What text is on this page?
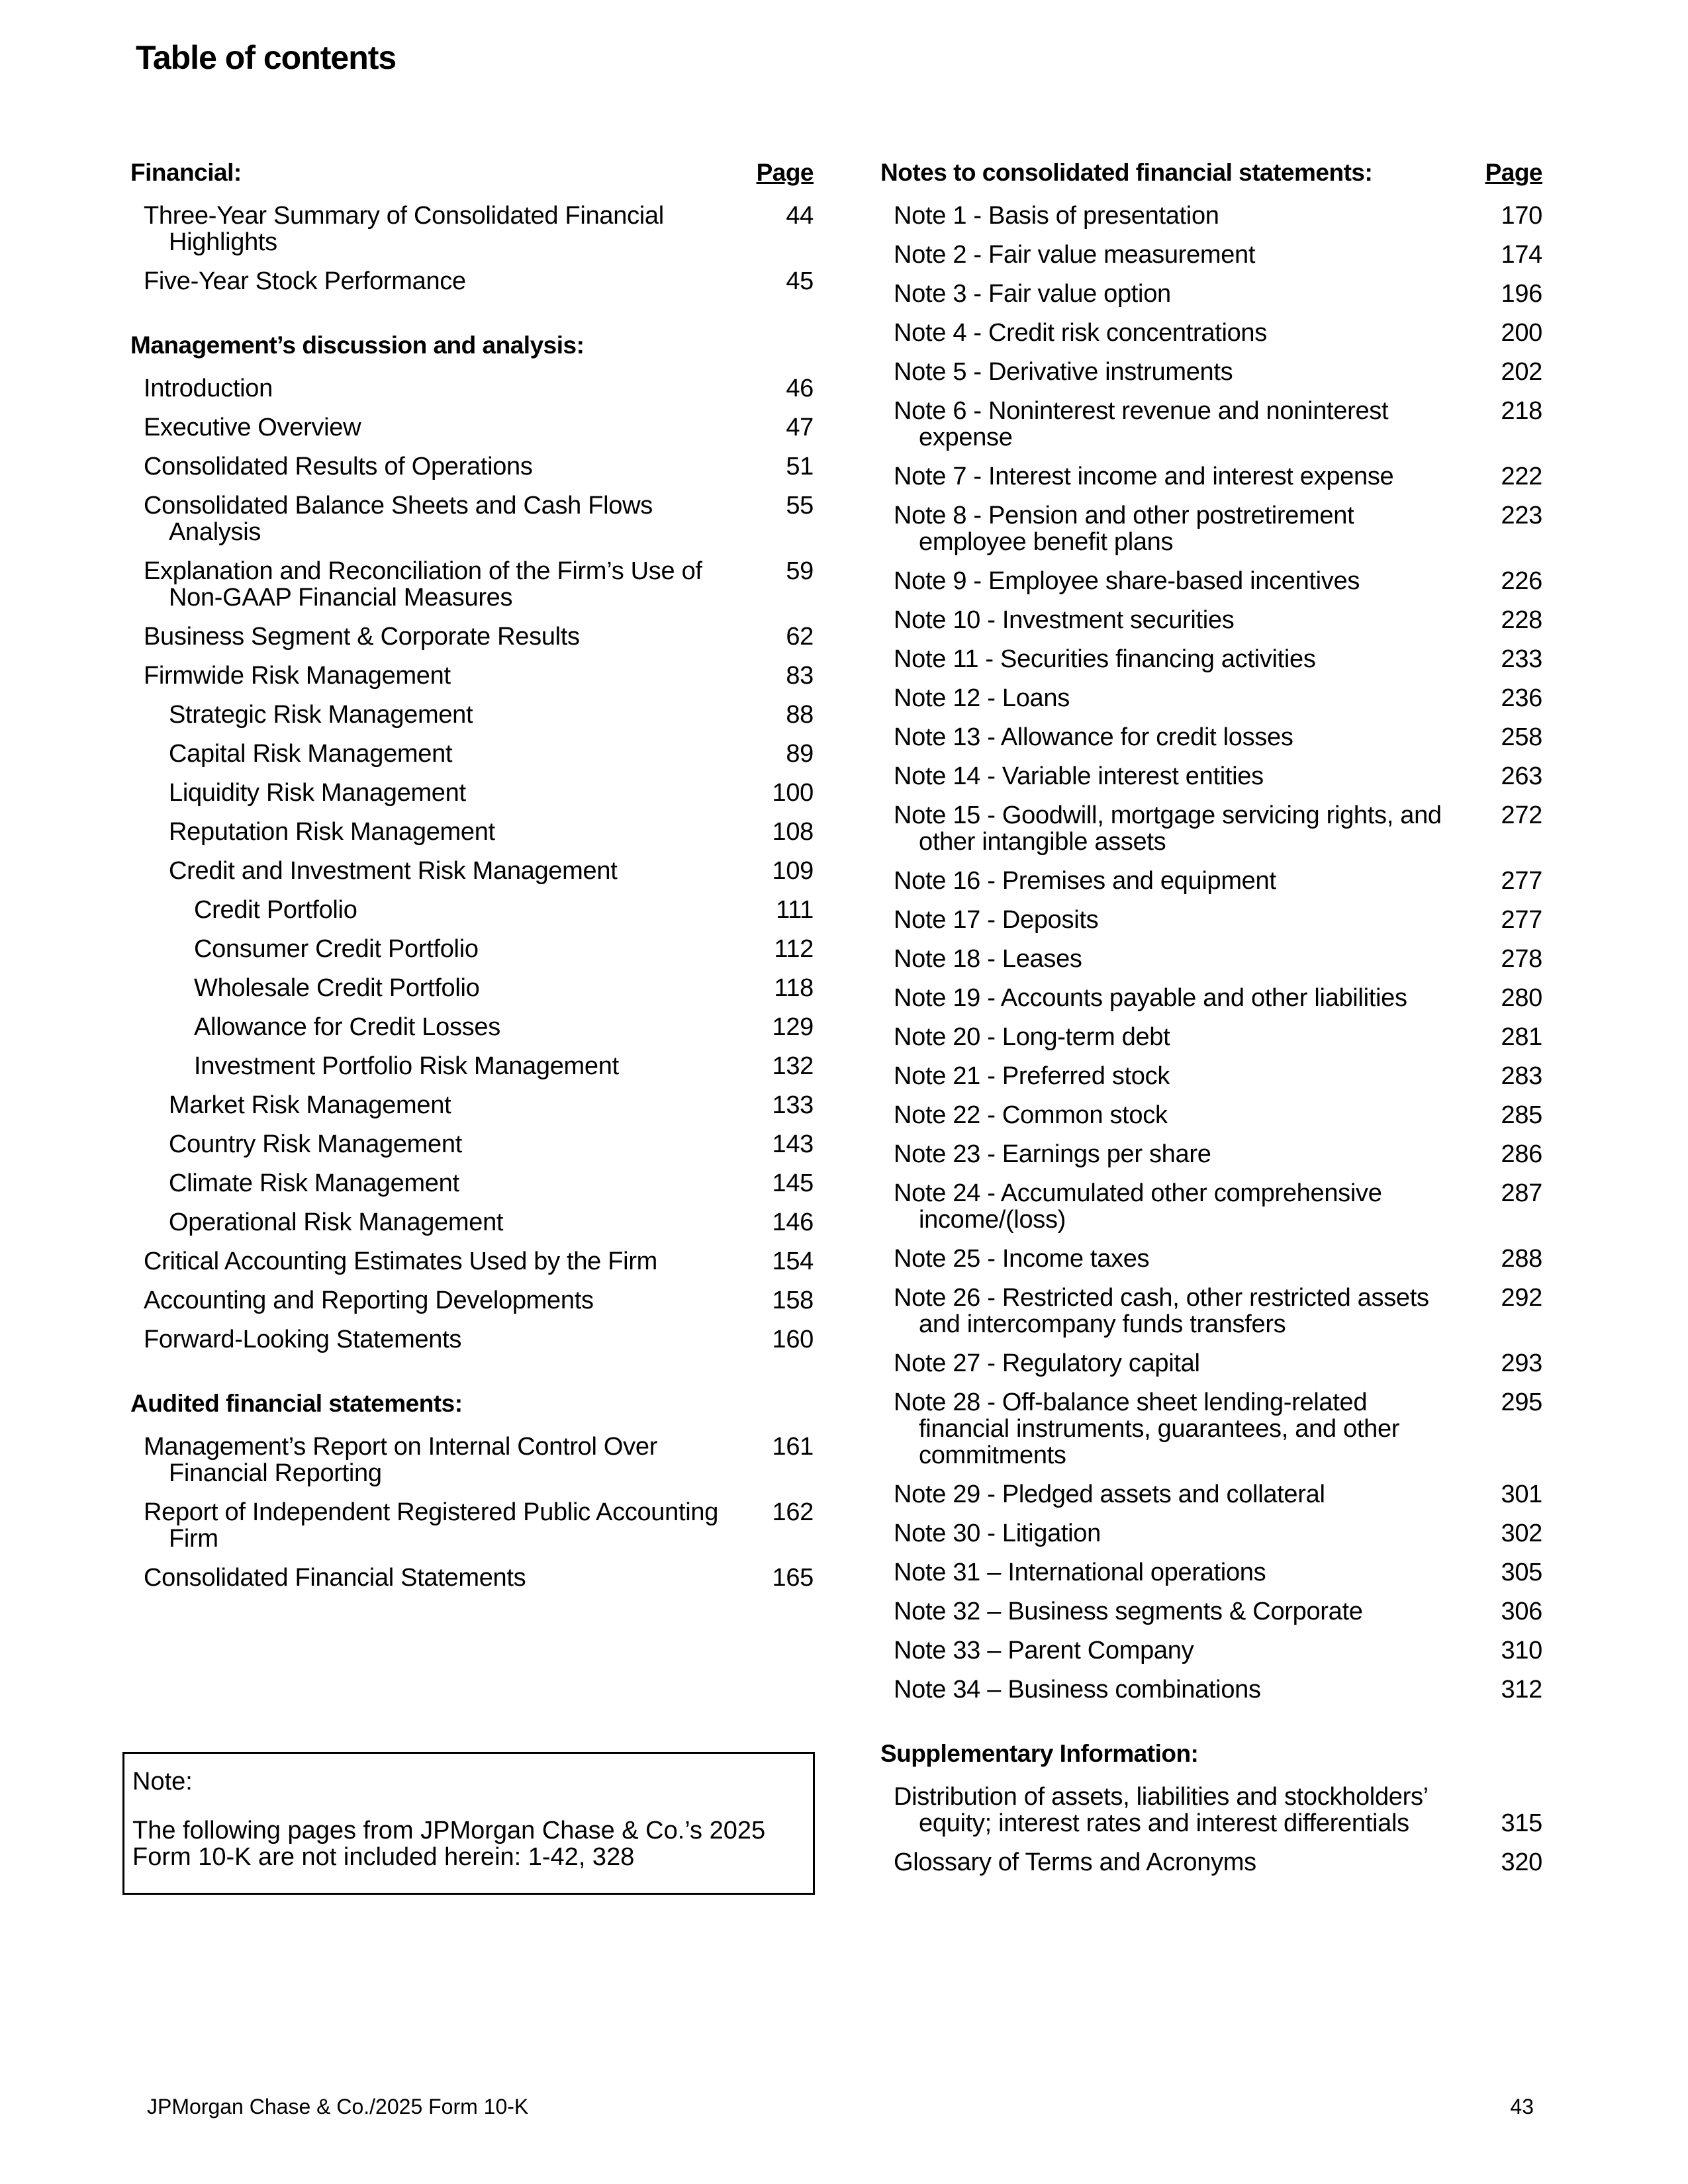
Table of contents
Financial:	Page
Three-Year Summary of Consolidated Financial Highlights
44
Five-Year Stock Performance	45
Management’s discussion and analysis:
Introduction	46
Executive Overview	47
Consolidated Results of Operations	51
Consolidated Balance Sheets and Cash Flows Analysis
55
Explanation and Reconciliation of the Firm’s Use of Non-GAAP Financial Measures
59
Business Segment & Corporate Results	62
Firmwide Risk Management	83
Strategic Risk Management	88
Capital Risk Management	89
Liquidity Risk Management	100
Reputation Risk Management	108
Credit and Investment Risk Management	109
Credit Portfolio	111
Consumer Credit Portfolio	112
Wholesale Credit Portfolio	118
Allowance for Credit Losses	129
Investment Portfolio Risk Management	132
Market Risk Management	133
Country Risk Management	143
Climate Risk Management	145
Operational Risk Management	146
Critical Accounting Estimates Used by the Firm	154
Accounting and Reporting Developments	158
Forward-Looking Statements	160
Audited financial statements:
Management’s Report on Internal Control Over Financial Reporting
161
Report of Independent Registered Public Accounting Firm
162
Consolidated Financial Statements	165
Note:
The following pages from JPMorgan Chase & Co.’s 2025 Form 10-K are not included herein: 1-42, 328
Notes to consolidated financial statements:	Page
Note 1 - Basis of presentation	170
Note 2 - Fair value measurement	174
Note 3 - Fair value option	196
Note 4 - Credit risk concentrations	200
Note 5 - Derivative instruments	202
Note 6 - Noninterest revenue and noninterest expense
218
Note 7 - Interest income and interest expense	222
Note 8 - Pension and other postretirement employee benefit plans
223
Note 9 - Employee share-based incentives	226
Note 10 - Investment securities	228
Note 11 - Securities financing activities	233
Note 12 - Loans	236
Note 13 - Allowance for credit losses	258
Note 14 - Variable interest entities	263
Note 15 - Goodwill, mortgage servicing rights, and other intangible assets
272
Note 16 - Premises and equipment	277
Note 17 - Deposits	277
Note 18 - Leases	278
Note 19 - Accounts payable and other liabilities	280
Note 20 - Long-term debt	281
Note 21 - Preferred stock	283
Note 22 - Common stock	285
Note 23 - Earnings per share	286
Note 24 - Accumulated other comprehensive income/(loss)
287
Note 25 - Income taxes	288
Note 26 - Restricted cash, other restricted assets and intercompany funds transfers
292
Note 27 - Regulatory capital	293
Note 28 - Off-balance sheet lending-related financial instruments, guarantees, and other commitments
295
Note 29 - Pledged assets and collateral	301
Note 30 - Litigation	302
Note 31 – International operations	305
Note 32 – Business segments & Corporate	306
Note 33 – Parent Company	310
Note 34 – Business combinations	312
Supplementary Information:
Distribution of assets, liabilities and stockholders’ equity; interest rates and interest differentials	315
Glossary of Terms and Acronyms	320
JPMorgan Chase & Co./2025 Form 10-K	43
